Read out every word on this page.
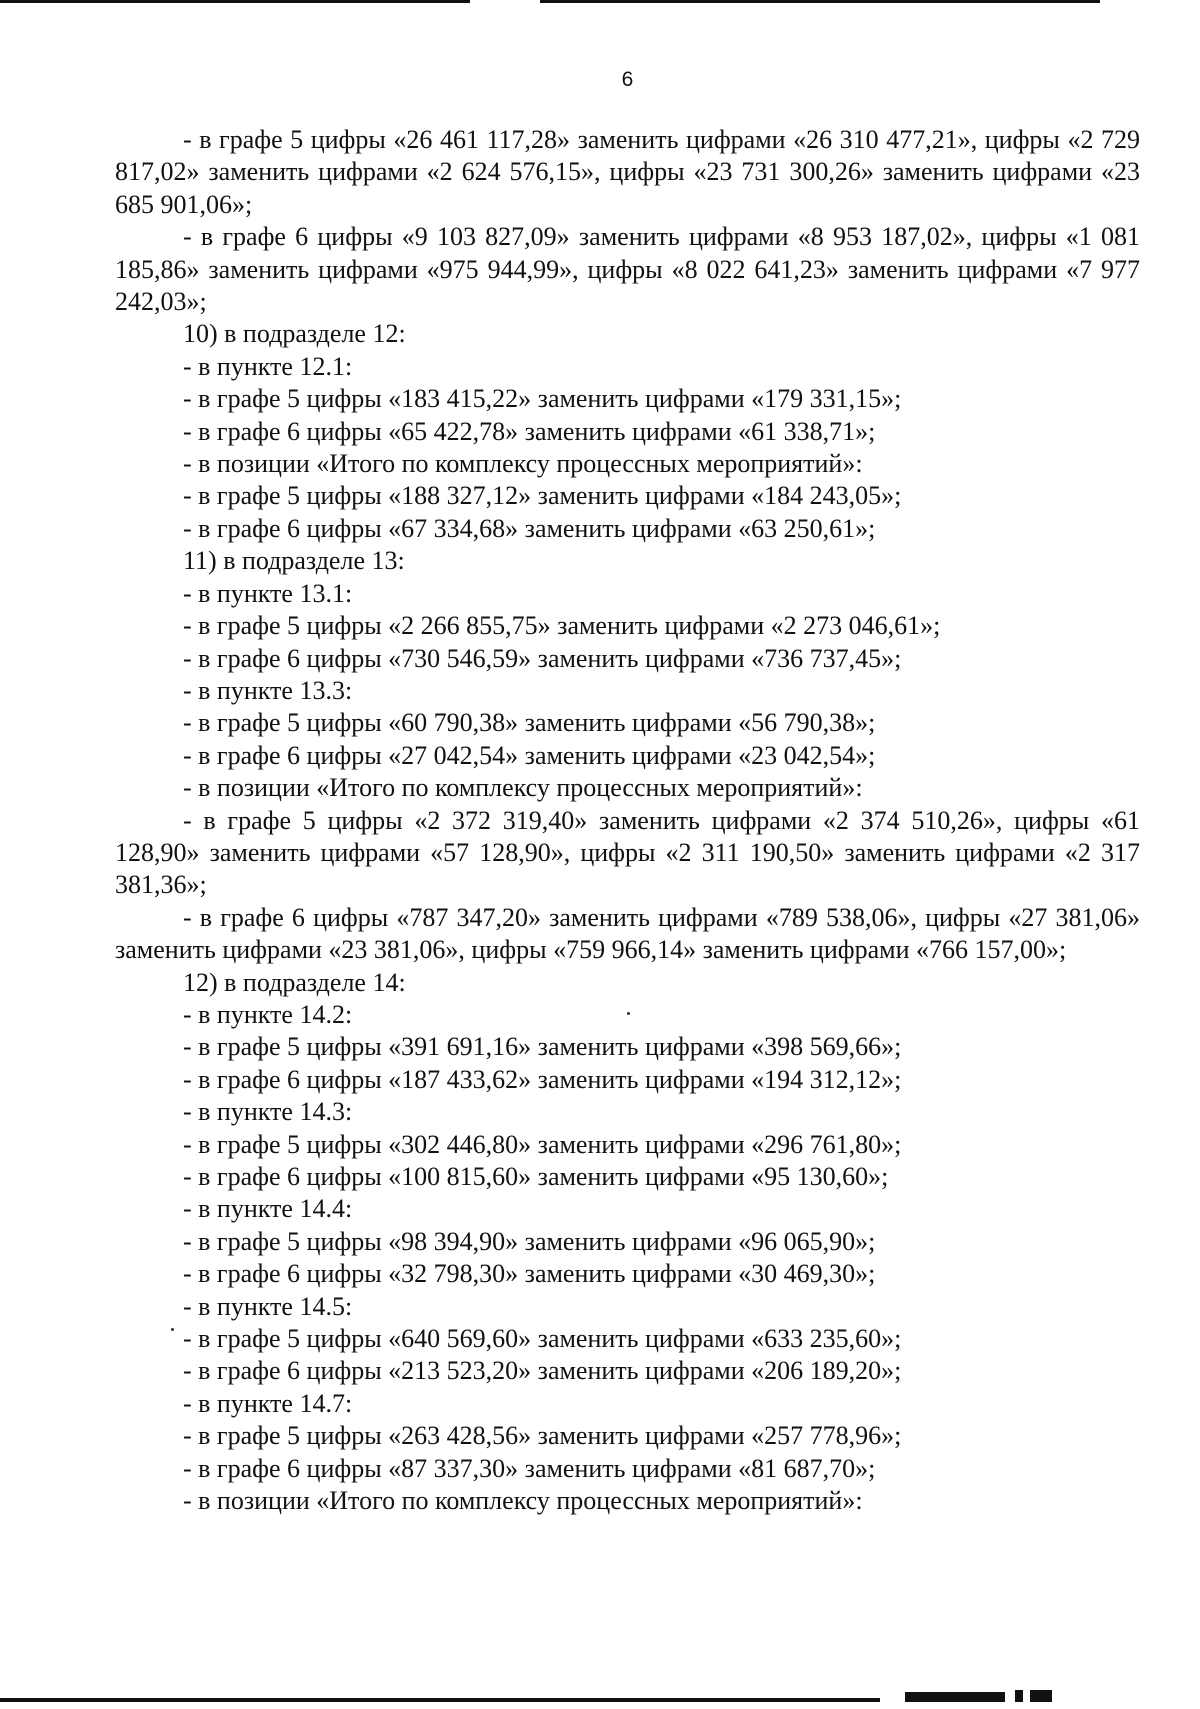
6

- в графе 5 цифры «26 461 117,28» заменить цифрами «26 310 477,21», цифры «2 729 817,02» заменить цифрами «2 624 576,15», цифры «23 731 300,26» заменить цифрами «23 685 901,06»;

- в графе 6 цифры «9 103 827,09» заменить цифрами «8 953 187,02», цифры «1 081 185,86» заменить цифрами «975 944,99», цифры «8 022 641,23» заменить цифрами «7 977 242,03»;

10) в подразделе 12:
- в пункте 12.1:
- в графе 5 цифры «183 415,22» заменить цифрами «179 331,15»;
- в графе 6 цифры «65 422,78» заменить цифрами «61 338,71»;
- в позиции «Итого по комплексу процессных мероприятий»:
- в графе 5 цифры «188 327,12» заменить цифрами «184 243,05»;
- в графе 6 цифры «67 334,68» заменить цифрами «63 250,61»;
11) в подразделе 13:
- в пункте 13.1:
- в графе 5 цифры «2 266 855,75» заменить цифрами «2 273 046,61»;
- в графе 6 цифры «730 546,59» заменить цифрами «736 737,45»;
- в пункте 13.3:
- в графе 5 цифры «60 790,38» заменить цифрами «56 790,38»;
- в графе 6 цифры «27 042,54» заменить цифрами «23 042,54»;
- в позиции «Итого по комплексу процессных мероприятий»:

- в графе 5 цифры «2 372 319,40» заменить цифрами «2 374 510,26», цифры «61 128,90» заменить цифрами «57 128,90», цифры «2 311 190,50» заменить цифрами «2 317 381,36»;

- в графе 6 цифры «787 347,20» заменить цифрами «789 538,06», цифры «27 381,06» заменить цифрами «23 381,06», цифры «759 966,14» заменить цифрами «766 157,00»;

12) в подразделе 14:
- в пункте 14.2:
- в графе 5 цифры «391 691,16» заменить цифрами «398 569,66»;
- в графе 6 цифры «187 433,62» заменить цифрами «194 312,12»;
- в пункте 14.3:
- в графе 5 цифры «302 446,80» заменить цифрами «296 761,80»;
- в графе 6 цифры «100 815,60» заменить цифрами «95 130,60»;
- в пункте 14.4:
- в графе 5 цифры «98 394,90» заменить цифрами «96 065,90»;
- в графе 6 цифры «32 798,30» заменить цифрами «30 469,30»;
- в пункте 14.5:
- в графе 5 цифры «640 569,60» заменить цифрами «633 235,60»;
- в графе 6 цифры «213 523,20» заменить цифрами «206 189,20»;
- в пункте 14.7:
- в графе 5 цифры «263 428,56» заменить цифрами «257 778,96»;
- в графе 6 цифры «87 337,30» заменить цифрами «81 687,70»;
- в позиции «Итого по комплексу процессных мероприятий»:
